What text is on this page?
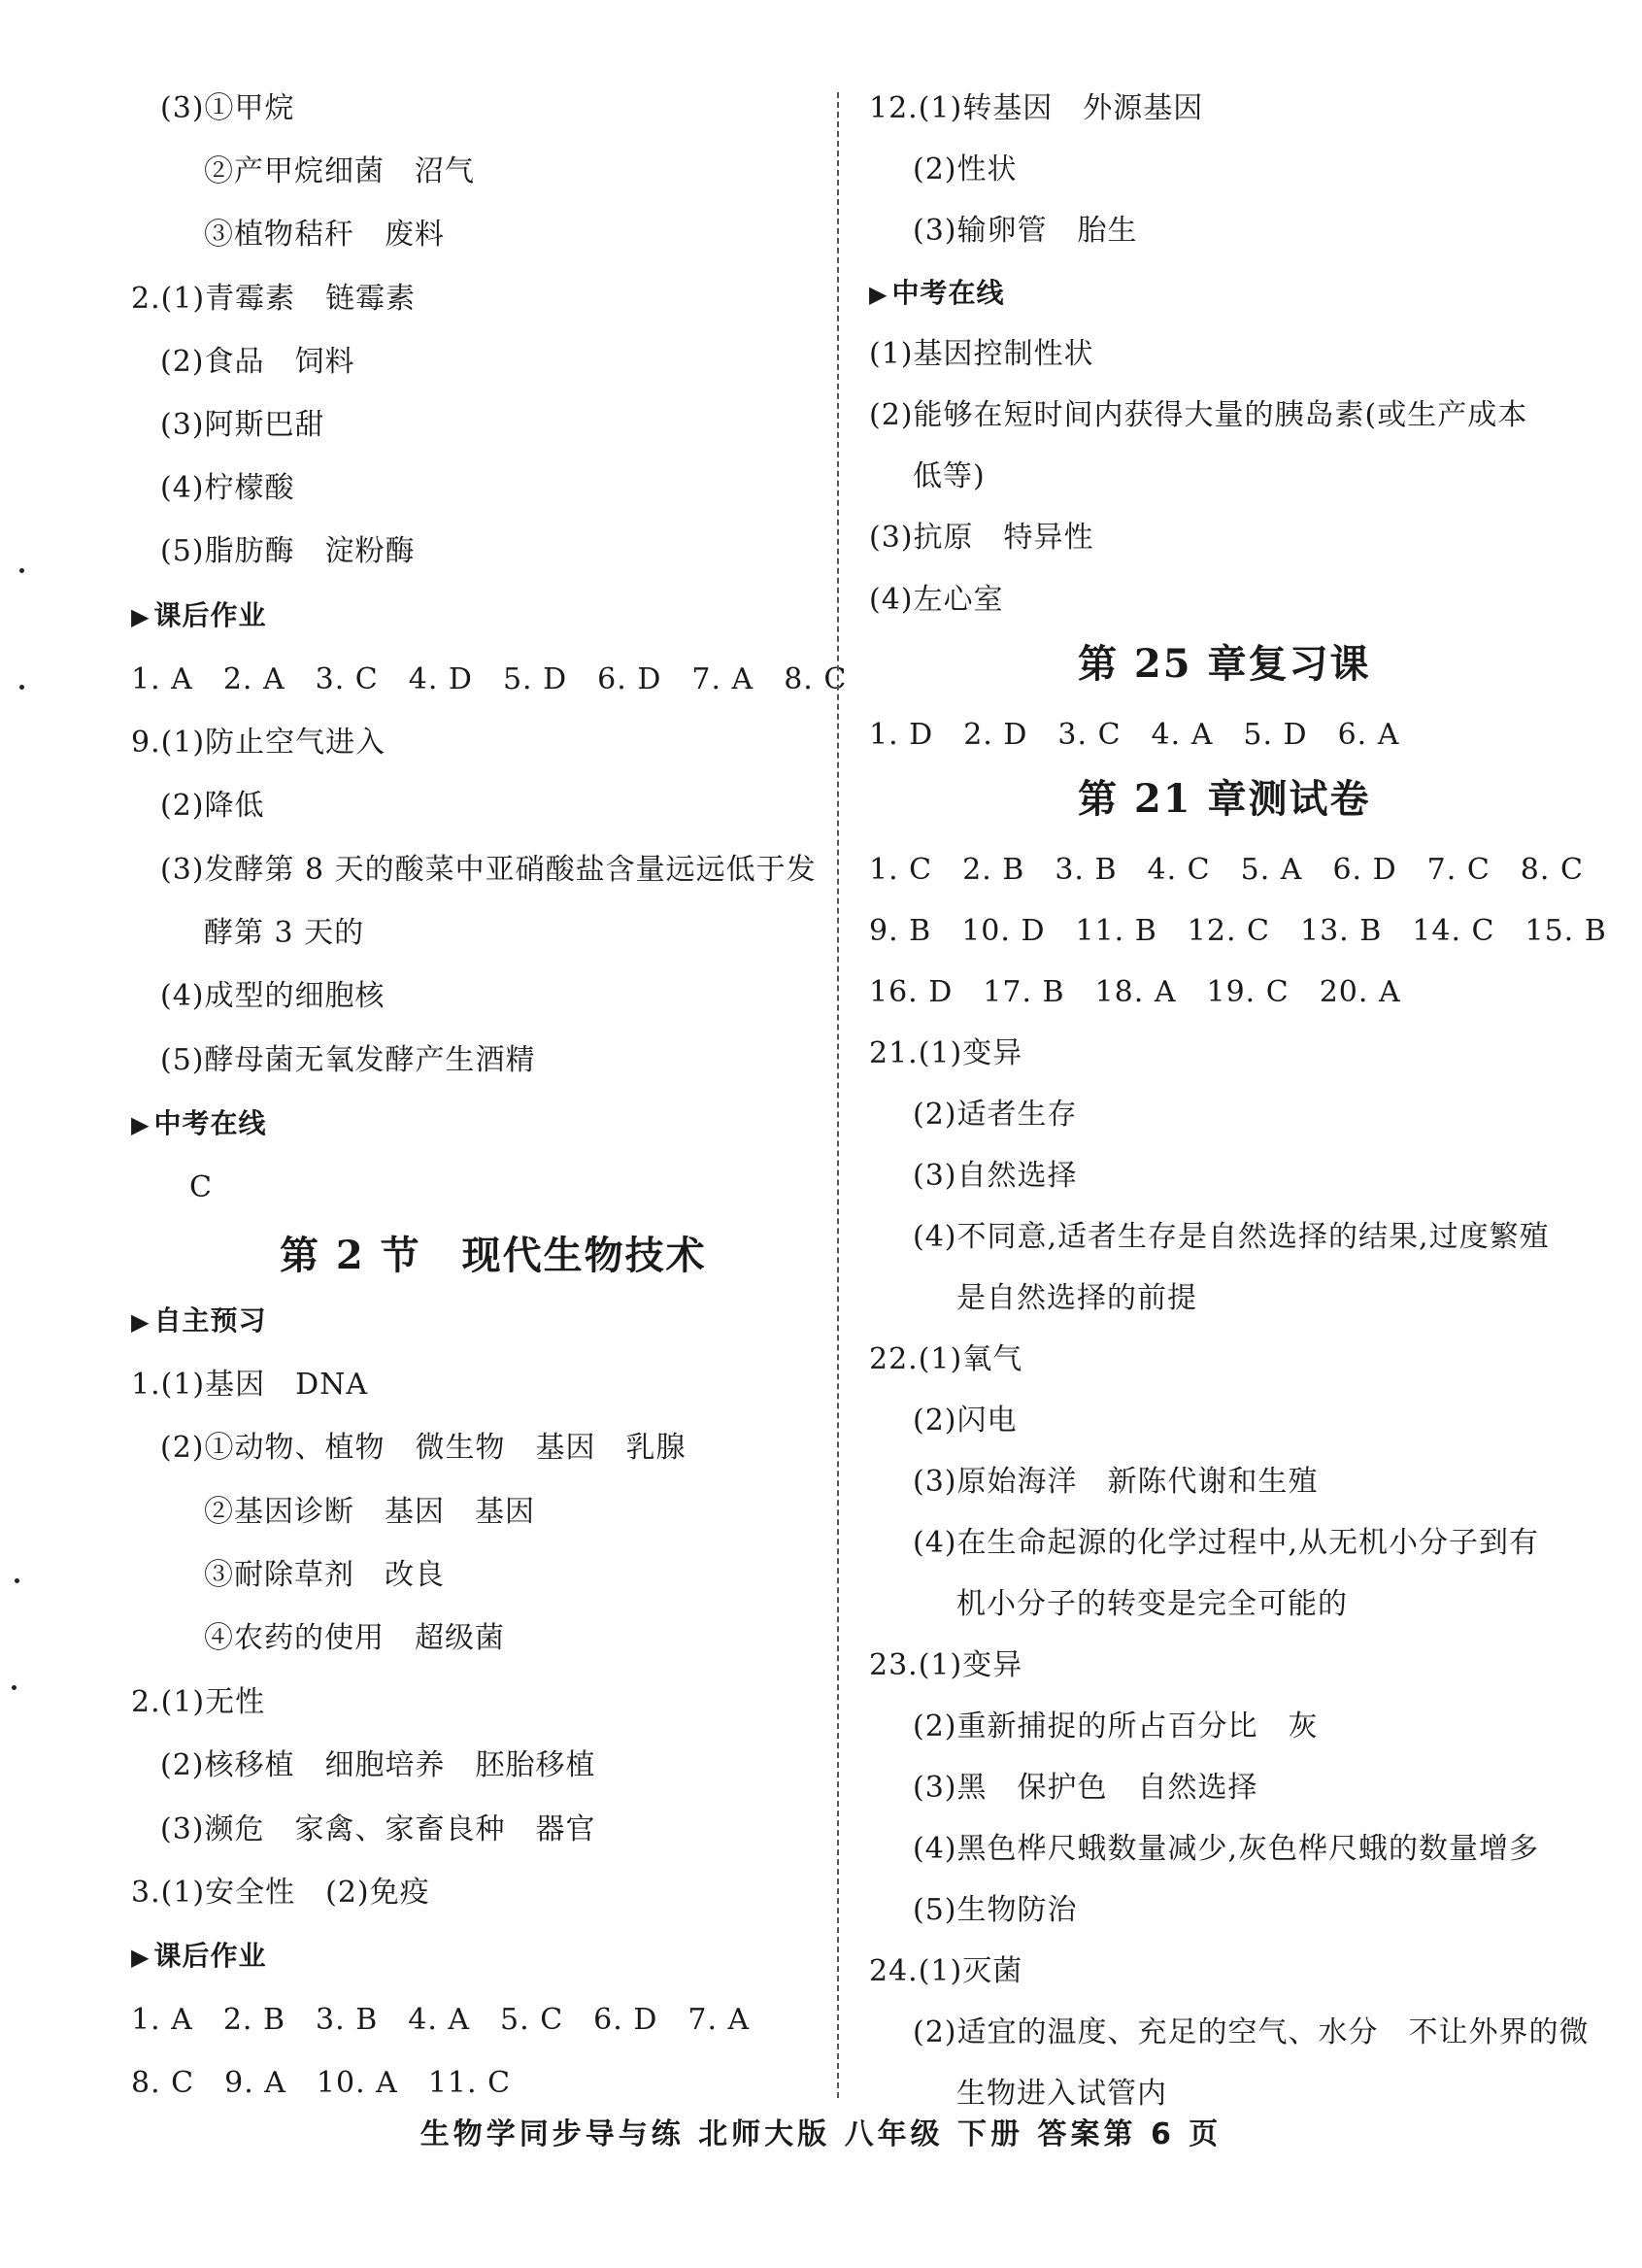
(3)①甲烷
②产甲烷细菌　沼气
③植物秸秆　废料
2.(1)青霉素　链霉素
(2)食品　饲料
(3)阿斯巴甜
(4)柠檬酸
(5)脂肪酶　淀粉酶
▶ 课后作业
1. A　2. A　3. C　4. D　5. D　6. D　7. A　8. C
9.(1)防止空气进入
(2)降低
(3)发酵第 8 天的酸菜中亚硝酸盐含量远远低于发
酵第 3 天的
(4)成型的细胞核
(5)酵母菌无氧发酵产生酒精
▶ 中考在线
C
第 2 节　现代生物技术
▶ 自主预习
1.(1)基因　DNA
(2)①动物、植物　微生物　基因　乳腺
②基因诊断　基因　基因
③耐除草剂　改良
④农药的使用　超级菌
2.(1)无性
(2)核移植　细胞培养　胚胎移植
(3)濒危　家禽、家畜良种　器官
3.(1)安全性　(2)免疫
▶ 课后作业
1. A　2. B　3. B　4. A　5. C　6. D　7. A
8. C　9. A　10. A　11. C
12.(1)转基因　外源基因
(2)性状
(3)输卵管　胎生
▶ 中考在线
(1)基因控制性状
(2)能够在短时间内获得大量的胰岛素(或生产成本
低等)
(3)抗原　特异性
(4)左心室
第 25 章复习课
1. D　2. D　3. C　4. A　5. D　6. A
第 21 章测试卷
1. C　2. B　3. B　4. C　5. A　6. D　7. C　8. C
9. B　10. D　11. B　12. C　13. B　14. C　15. B
16. D　17. B　18. A　19. C　20. A
21.(1)变异
(2)适者生存
(3)自然选择
(4)不同意,适者生存是自然选择的结果,过度繁殖
是自然选择的前提
22.(1)氧气
(2)闪电
(3)原始海洋　新陈代谢和生殖
(4)在生命起源的化学过程中,从无机小分子到有
机小分子的转变是完全可能的
23.(1)变异
(2)重新捕捉的所占百分比　灰
(3)黑　保护色　自然选择
(4)黑色桦尺蛾数量减少,灰色桦尺蛾的数量增多
(5)生物防治
24.(1)灭菌
(2)适宜的温度、充足的空气、水分　不让外界的微
生物进入试管内
生物学同步导与练 北师大版 八年级 下册 答案第 6 页
